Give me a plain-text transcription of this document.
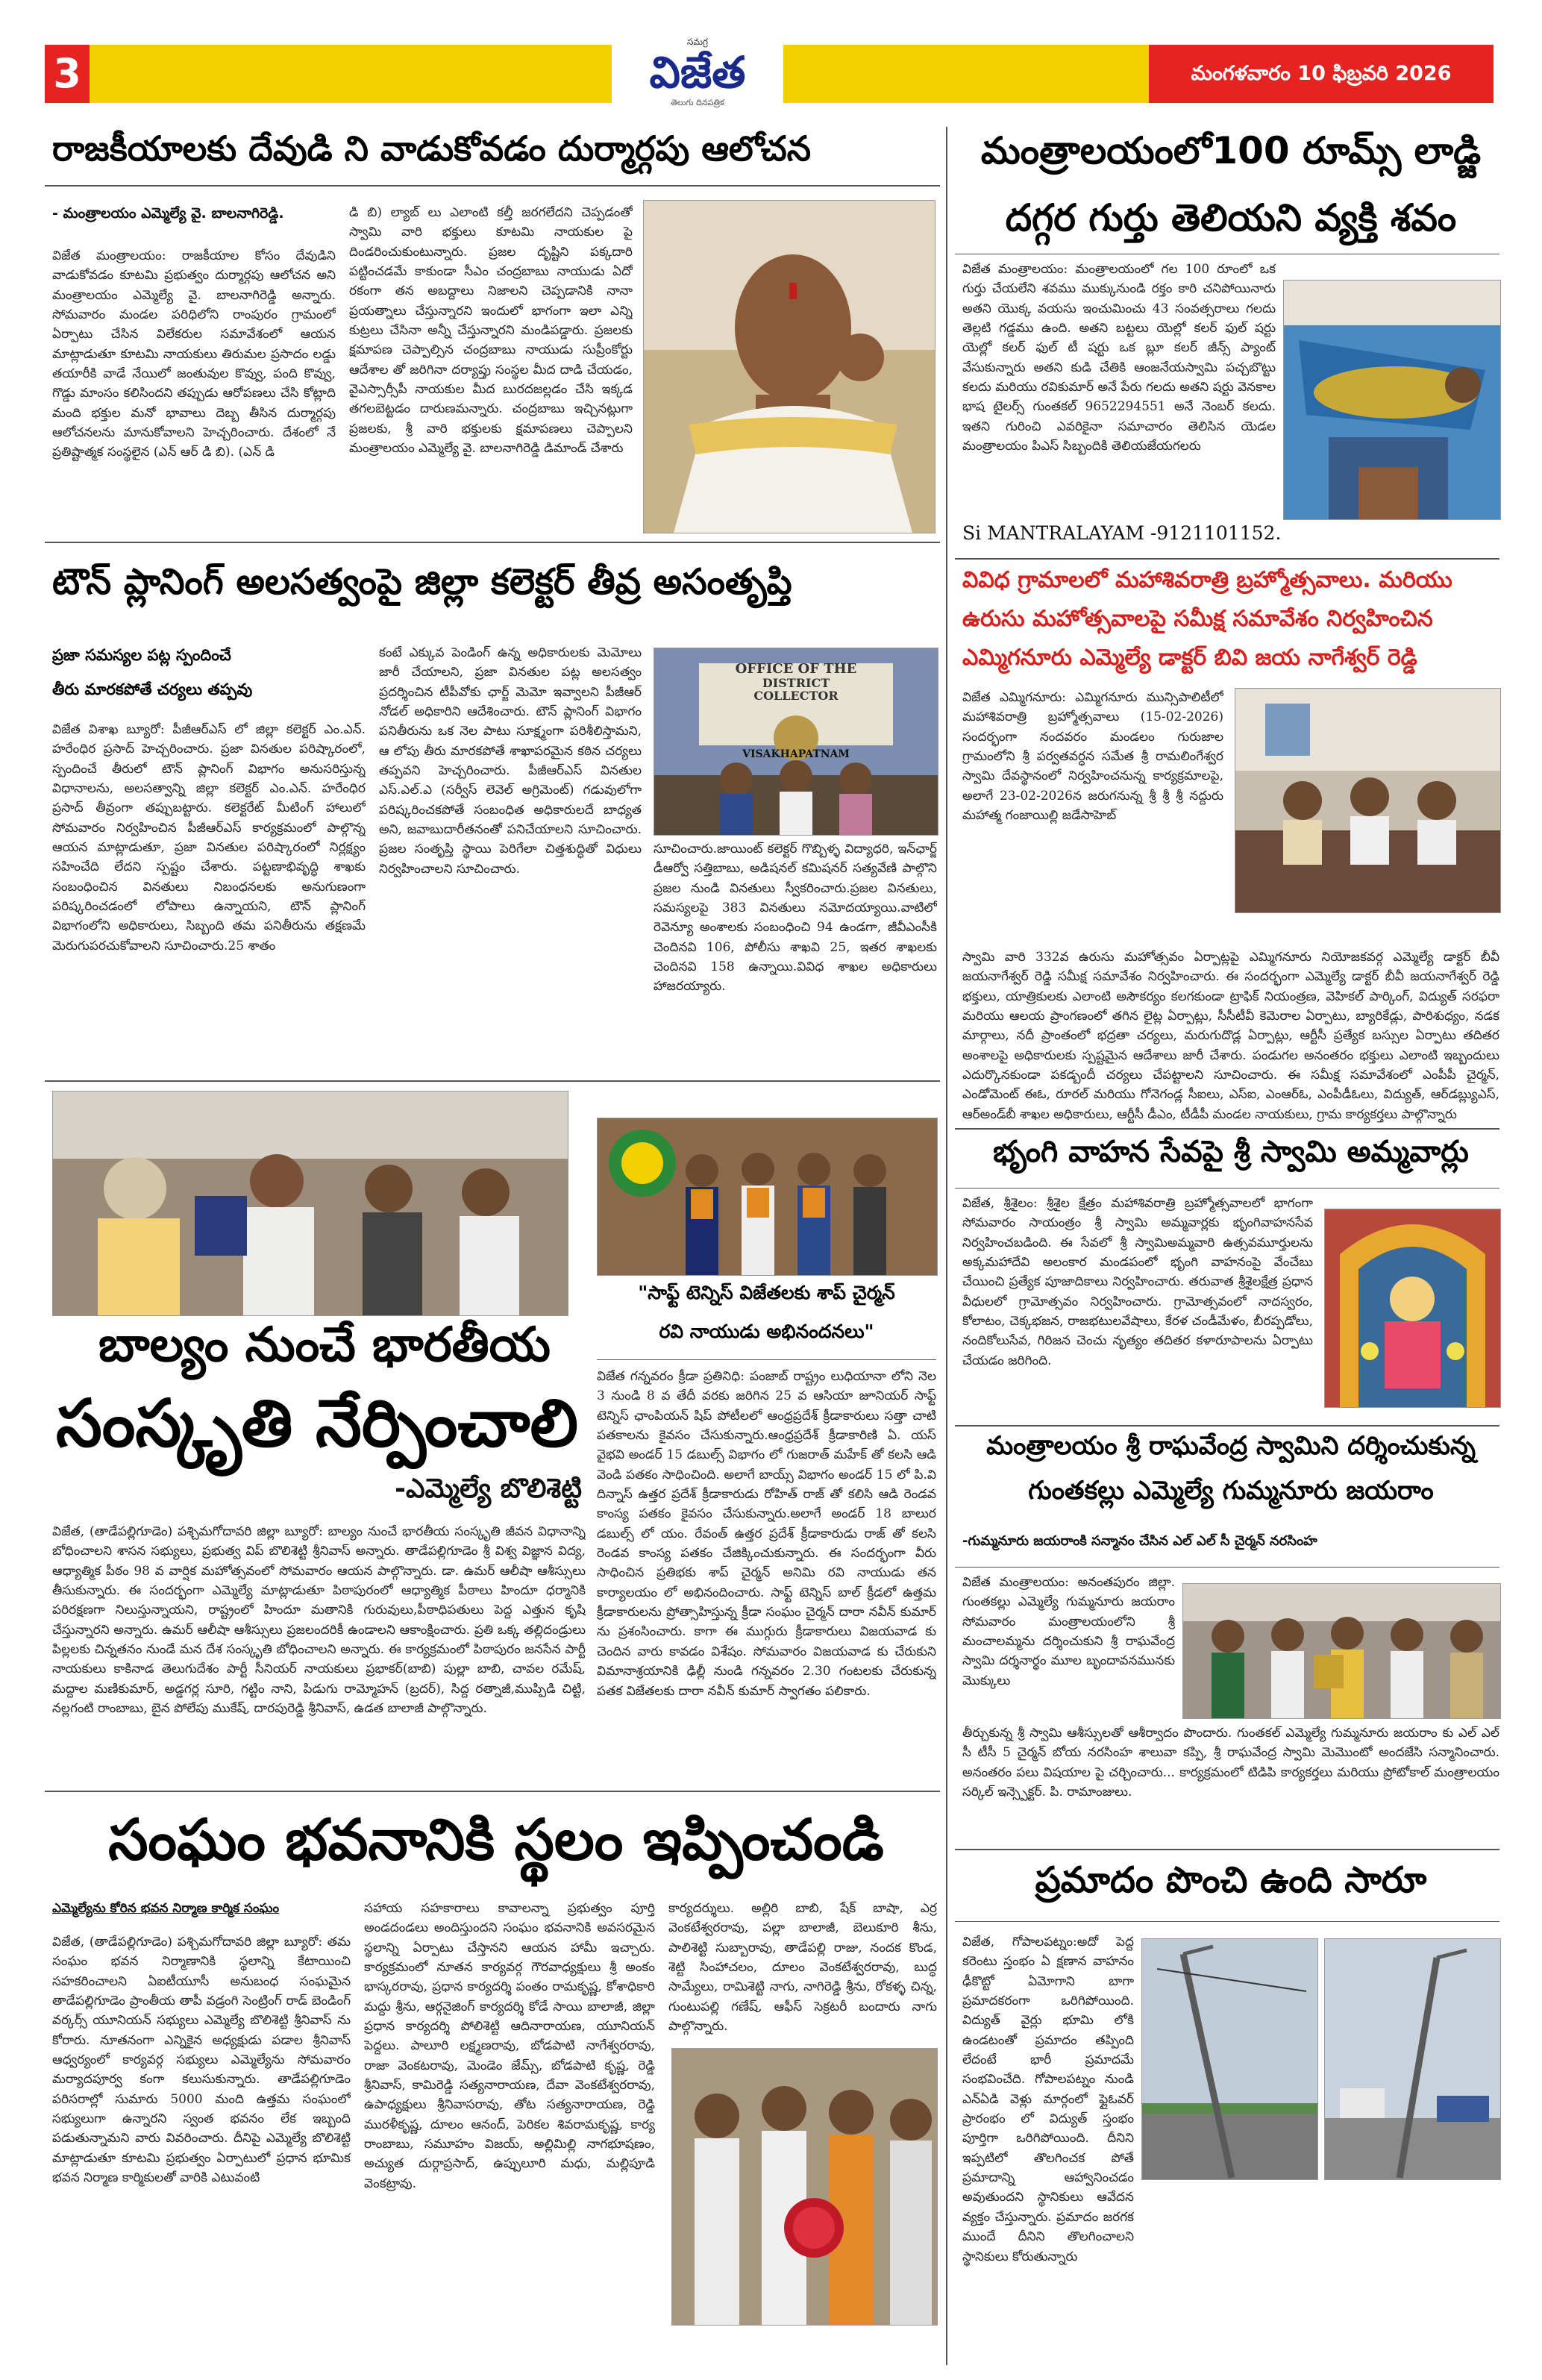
3
సమగ్ర
విజేత
తెలుగు దినపత్రిక
మంగళవారం 10 ఫిబ్రవరి 2026
రాజకీయాలకు దేవుడి ని వాడుకోవడం దుర్మార్గపు ఆలోచన
- మంత్రాలయం ఎమ్మెల్యే వై. బాలనాగిరెడ్డి.
విజేత మంత్రాలయం: రాజకీయాల కోసం దేవుడిని వాడుకోవడం కూటమి ప్రభుత్వం దుర్మార్గపు ఆలోచన అని మంత్రాలయం ఎమ్మెల్యే వై. బాలనాగిరెడ్డి అన్నారు. సోమవారం మండల పరిధిలోని రాంపురం గ్రామంలో ఏర్పాటు చేసిన విలేకరుల సమావేశంలో ఆయన మాట్లాడుతూ కూటమి నాయకులు తిరుమల ప్రసాదం లడ్డు తయారీకి వాడే నేయిలో జంతువుల కొవ్వు, పంది కొవ్వు, గొడ్డు మాంసం కలిసిందని తప్పుడు ఆరోపణలు చేసి కోట్లాది మంది భక్తుల మనో భావాలు దెబ్బ తీసిన దుర్మార్గపు ఆలోచనలను మానుకోవాలని హెచ్చరించారు. దేశంలో నే ప్రతిష్టాత్మక సంస్థలైన (ఎన్ ఆర్ డి బి). (ఎన్ డి
డి బి) ల్యాబ్ లు ఎలాంటి కల్తీ జరగలేదని చెప్పడంతో స్వామి వారి భక్తులు కూటమి నాయకుల పై దిండరించుకుంటున్నారు. ప్రజల దృష్టిని పక్కదారి పట్టించడమే కాకుండా సీఎం చంద్రబాబు నాయుడు ఏదో రకంగా తన అబద్దాలు నిజాలని చెప్పడానికి నానా ప్రయత్నాలు చేస్తున్నారని ఇందులో భాగంగా ఇలా ఎన్ని కుట్రలు చేసినా అన్నీ చేస్తున్నారని మండిపడ్డారు. ప్రజలకు క్షమాపణ చెప్పాల్సిన చంద్రబాబు నాయుడు సుప్రీంకోర్టు ఆదేశాల తో జరిగినా దర్యాప్తు సంస్థల మీద దాడి చేయడం, వైఎస్సార్సీపీ నాయకుల మీద బురదజల్లడం చేసి ఇక్కడ తగలబెట్టడం దారుణమన్నారు. చంద్రబాబు ఇచ్చినట్లుగా ప్రజలకు, శ్రీ వారి భక్తులకు క్షమాపణలు చెప్పాలని మంత్రాలయం ఎమ్మెల్యే వై. బాలనాగిరెడ్డి డిమాండ్ చేశారు
టౌన్ ప్లానింగ్ అలసత్వంపై జిల్లా కలెక్టర్ తీవ్ర అసంతృప్తి
ప్రజా సమస్యల పట్ల స్పందించే
తీరు మారకపోతే చర్యలు తప్పవు
విజేత విశాఖ బ్యూరో: పీజీఆర్ఎస్ లో జిల్లా కలెక్టర్ ఎం.ఎన్. హరేంధిర ప్రసాద్ హెచ్చరించారు. ప్రజా వినతుల పరిష్కారంలో, స్పందించే తీరులో టౌన్ ప్లానింగ్ విభాగం అనుసరిస్తున్న విధానాలను, అలసత్వాన్ని జిల్లా కలెక్టర్ ఎం.ఎన్. హరేంధిర ప్రసాద్ తీవ్రంగా తప్పుబట్టారు. కలెక్టరేట్ మీటింగ్ హాలులో సోమవారం నిర్వహించిన పీజీఆర్ఎస్ కార్యక్రమంలో పాల్గొన్న ఆయన మాట్లాడుతూ, ప్రజా వినతుల పరిష్కారంలో నిర్లక్ష్యం సహించేది లేదని స్పష్టం చేశారు. పట్టణాభివృద్ధి శాఖకు సంబంధించిన వినతులు నిబంధనలకు అనుగుణంగా పరిష్కరించడంలో లోపాలు ఉన్నాయని, టౌన్ ప్లానింగ్ విభాగంలోని అధికారులు, సిబ్బంది తమ పనితీరును తక్షణమే మెరుగుపరచుకోవాలని సూచించారు.25 శాతం
కంటే ఎక్కువ పెండింగ్ ఉన్న అధికారులకు మెమోలు జారీ చేయాలని, ప్రజా వినతుల పట్ల అలసత్వం ప్రదర్శించిన టీపీవోకు ఛార్జ్ మెమో ఇవ్వాలని పీజీఆర్ నోడల్ అధికారిని ఆదేశించారు. టౌన్ ప్లానింగ్ విభాగం పనితీరును ఒక నెల పాటు సూక్ష్మంగా పరిశీలిస్తామని, ఆ లోపు తీరు మారకపోతే శాఖాపరమైన కఠిన చర్యలు తప్పవని హెచ్చరించారు. పీజీఆర్ఎస్ వినతుల ఎస్.ఎల్.ఎ (సర్వీస్ లెవెల్ అగ్రిమెంట్) గడువులోగా పరిష్కరించకపోతే సంబంధిత అధికారులదే బాధ్యత అని, జవాబుదారీతనంతో పనిచేయాలని సూచించారు. ప్రజల సంతృప్తి స్థాయి పెరిగేలా చిత్తశుద్ధితో విధులు నిర్వహించాలని సూచించారు.
OFFICE OF THE
DISTRICT COLLECTOR
VISAKHAPATNAM
సూచించారు.జాయింట్ కలెక్టర్ గొబ్బిళ్ళ విద్యాధరి, ఇన్‌ఛార్జ్ డీఆర్వో సత్తిబాబు, అడిషనల్ కమిషనర్ సత్యవేణి పాల్గొని ప్రజల నుండి వినతులు స్వీకరించారు.ప్రజల వినతులు, సమస్యలపై 383 వినతులు నమోదయ్యాయి.వాటిలో రెవెన్యూ అంశాలకు సంబంధించి 94 ఉండగా, జీవీఎంసీకి చెందినవి 106, పోలీసు శాఖవి 25, ఇతర శాఖలకు చెందినవి 158 ఉన్నాయి.వివిధ శాఖల అధికారులు హాజరయ్యారు.
బాల్యం నుంచే భారతీయ
సంస్కృతి నేర్పించాలి
-ఎమ్మెల్యే బొలిశెట్టి
విజేత, (తాడేపల్లిగూడెం) పశ్చిమగోదావరి జిల్లా బ్యూరో: బాల్యం నుంచే భారతీయ సంస్కృతి జీవన విధానాన్ని బోధించాలని శాసన సభ్యులు, ప్రభుత్వ విప్ బొలిశెట్టి శ్రీనివాస్ అన్నారు. తాడేపల్లిగూడెం శ్రీ విశ్వ విజ్ఞాన విద్య, ఆధ్యాత్మిక పీఠం 98 వ వార్షిక మహోత్సవంలో సోమవారం ఆయన పాల్గొన్నారు. డా. ఉమర్ ఆలీషా ఆశీస్సులు తీసుకున్నారు. ఈ సందర్భంగా ఎమ్మెల్యే మాట్లాడుతూ పిఠాపురంలో ఆధ్యాత్మిక పీఠాలు హిందూ ధర్మానికి పరిరక్షణగా నిలుస్తున్నాయని, రాష్ట్రంలో హిందూ మతానికి గురువులు,పీఠాధిపతులు పెద్ద ఎత్తున కృషి చేస్తున్నారని అన్నారు. ఉమర్ ఆలీషా ఆశీస్సులు ప్రజలందరికీ ఉండాలని ఆకాంక్షించారు. ప్రతి ఒక్క తల్లిదండ్రులు పిల్లలకు చిన్నతనం నుండే మన దేశ సంస్కృతి బోధించాలని అన్నారు. ఈ కార్యక్రమంలో పిఠాపురం జనసేన పార్టీ నాయకులు కాకినాడ తెలుగుదేశం పార్టీ సీనియర్ నాయకులు ప్రభాకర్(బాబి) పుల్లా బాబి, చావల రమేష్, మద్దాల మణికుమార్, అడ్డగర్ల సూరి, గట్టిం నాని, పిడుగు రామ్మోహన్ (బ్రదర్), సిద్ద రత్నాజీ,ముప్పిడి చిట్టి, నల్లగంటి రాంబాబు, బైన పోలేపు ముకేష్, దారపురెడ్డి శ్రీనివాస్, ఉడత బాలాజీ పాల్గొన్నారు.
"సాఫ్ట్ టెన్నిస్ విజేతలకు శాప్ చైర్మన్
రవి నాయుడు అభినందనలు"
విజేత గన్నవరం క్రీడా ప్రతినిధి: పంజాబ్ రాష్ట్రం లుధియానా లోని నెల 3 నుండి 8 వ తేదీ వరకు జరిగిన 25 వ ఆసియా జూనియర్ సాఫ్ట్ టెన్నిస్ ఛాంపియన్ షిప్ పోటీలలో ఆంధ్రప్రదేశ్ క్రీడాకారులు సత్తా చాటి పతకాలను కైవసం చేసుకున్నారు.ఆంధ్రప్రదేశ్ క్రీడాకారిణి ఏ. యస్ వైభవి అండర్ 15 డబుల్స్ విభాగం లో గుజరాత్ మహేక్ తో కలసి ఆడి వెండి పతకం సాధించింది. అలాగే బాయ్స్ విభాగం అండర్ 15 లో పి.వి దిన్నాస్ ఉత్తర ప్రదేశ్ క్రీడాకారుడు రోహిత్ రాజ్ తో కలిసి ఆడి రెండవ కాంస్య పతకం కైవసం చేసుకున్నారు.అలాగే అండర్ 18 బాలుర డబుల్స్ లో యం. రేవంత్ ఉత్తర ప్రదేశ్ క్రీడాకారుడు రాజ్ తో కలసి రెండవ కాంస్య పతకం చేజిక్కించుకున్నారు. ఈ సందర్భంగా వీరు సాధించిన ప్రతిభకు శాప్ చైర్మన్ అనిమి రవి నాయుడు తన కార్యాలయం లో అభినందించారు. సాఫ్ట్ టెన్నిస్ బాల్ క్రీడలో ఉత్తమ క్రీడాకారులను ప్రోత్సాహిస్తున్న క్రీడా సంఘం చైర్మన్ దారా నవీన్ కుమార్ ను ప్రశంసించారు. కాగా ఈ ముగ్గురు క్రీడాకారులు విజయవాడ కు చెందిన వారు కావడం విశేషం. సోమవారం విజయవాడ కు చేరుకుని విమానాశ్రయానికి ఢిల్లీ నుండి గన్నవరం 2.30 గంటలకు చేరుకున్న పతక విజేతలకు దారా నవీన్ కుమార్ స్వాగతం పలికారు.
సంఘం భవనానికి స్థలం ఇప్పించండి
ఎమ్మెల్యేను కోరిన భవన నిర్మాణ కార్మిక సంఘం
విజేత, (తాడేపల్లిగూడెం) పశ్చిమగోదావరి జిల్లా బ్యూరో: తమ సంఘం భవన నిర్మాణానికి స్థలాన్ని కేటాయించి సహకరించాలని ఏఐటీయూసీ అనుబంధ సంఘమైన తాడేపల్లిగూడెం ప్రాంతీయ తాపీ వడ్రంగి సెంట్రింగ్ రాడ్ బెండింగ్ వర్కర్స్ యూనియన్ సభ్యులు ఎమ్మెల్యే బొలిశెట్టి శ్రీనివాస్ ను కోరారు. నూతనంగా ఎన్నికైన అధ్యక్షుడు పడాల శ్రీనివాస్ ఆధ్వర్యంలో కార్యవర్గ సభ్యులు ఎమ్మెల్యేను సోమవారం మర్యాదపూర్వ కంగా కలుసుకున్నారు. తాడేపల్లిగూడెం పరిసరాల్లో సుమారు 5000 మంది ఉత్తమ సంఘంలో సభ్యులుగా ఉన్నారని స్వంత భవనం లేక ఇబ్బంది పడుతున్నామని వారు వివరించారు. దీనిపై ఎమ్మెల్యే బొలిశెట్టి మాట్లాడుతూ కూటమి ప్రభుత్వం ఏర్పాటులో ప్రధాన భూమిక భవన నిర్మాణ కార్మికులతో వారికి ఎటువంటి
సహాయ సహకారాలు కావాలన్నా ప్రభుత్వం పూర్తి అండదండలు అందిస్తుందని సంఘం భవనానికి అవసరమైన స్థలాన్ని ఏర్పాటు చేస్తానని ఆయన హామీ ఇచ్చారు. కార్యక్రమంలో నూతన కార్యవర్గ గౌరవాధ్యక్షులు శ్రీ అంకం భాస్కరరావు, ప్రధాన కార్యదర్శి పంతం రామకృష్ణ, కోశాధికారి మద్దు శ్రీను, ఆర్గనైజింగ్ కార్యదర్శి కోడే సాయి బాలాజీ, జిల్లా ప్రధాన కార్యదర్శి పోలిశెట్టి ఆదినారాయణ, యూనియన్ పెద్దలు. పాలూరి లక్ష్మణరావు, బోడపాటి నాగేశ్వరరావు, రాజా వెంకటరావు, మెండెం జేమ్స్, బోడపాటి కృష్ణ, రెడ్డి శ్రీనివాస్, కామిరెడ్డి సత్యనారాయణ, దేవా వెంకటేశ్వరరావు, ఉపాధ్యక్షులు శ్రీనివాసరావు, తోట సత్యనారాయణ, రెడ్డి మురళీకృష్ణ, దూలం ఆనంద్, పెరికల శివరామకృష్ణ, కార్య రాంబాబు, సమూహం విజయ్, అల్లిమిల్లి నాగభూషణం, అచ్యుత దుర్గాప్రసాద్, ఉప్పులూరి మధు, మల్లిపూడి వెంకట్రావు.
కార్యదర్శులు. అల్లిరి బాబి, షేక్ బాషా, ఎర్ర వెంకటేశ్వరరావు, పల్లా బాలాజీ, బెలుకూరి శీను, పాలిశెట్టి సుబ్బారావు, తాడేపల్లి రాజు, నందక కొండ, శెట్టి సింహాచలం, దూలం వెంకటేశ్వరరావు, బుద్ధ సామ్యేలు, రామిశెట్టి నాగు, నాగిరెడ్డి శ్రీను, రోకళ్ళ చిన్న, గుంటుపల్లి గణేష్, ఆఫీస్ సెక్రటరీ బందారు నాగు పాల్గొన్నారు.
మంత్రాలయంలో100 రూమ్స్ లాడ్జి
దగ్గర గుర్తు తెలియని వ్యక్తి శవం
విజేత మంత్రాలయం: మంత్రాలయంలో గల 100 రూంలో ఒక గుర్తు చేయలేని శవము ముక్కునుండి రక్తం కారి చనిపోయినారు అతని యొక్క వయసు ఇంచుమించు 43 సంవత్సరాలు గలదు తెల్లటి గడ్డము ఉంది. అతని బట్టలు యెల్లో కలర్ ఫుల్ షర్టు యెల్లో కలర్ ఫుల్ టీ షర్టు ఒక బ్లూ కలర్ జీన్స్ ప్యాంట్ వేసుకున్నారు అతని కుడి చేతికి ఆంజనేయస్వామి పచ్చబొట్టు కలదు మరియు రవికుమార్ అనే పేరు గలదు అతని షర్టు వెనకాల భాష టైలర్స్ గుంతకల్ 9652294551 అనే నెంబర్ కలదు. ఇతని గురించి ఎవరికైనా సమాచారం తెలిసిన యెడల మంత్రాలయం పిఎస్ సిబ్బందికి తెలియజేయగలరు
Si MANTRALAYAM -9121101152.
వివిధ గ్రామాలలో మహాశివరాత్రి బ్రహ్మోత్సవాలు. మరియు
ఉరుసు మహోత్సవాలపై సమీక్ష సమావేశం నిర్వహించిన
ఎమ్మిగనూరు ఎమ్మెల్యే డాక్టర్ బివి జయ నాగేశ్వర్ రెడ్డి
విజేత ఎమ్మిగనూరు: ఎమ్మిగనూరు మున్సిపాలిటీలో మహాశివరాత్రి బ్రహ్మోత్సవాలు (15-02-2026) సందర్భంగా నందవరం మండలం గురుజాల గ్రామంలోని శ్రీ పర్వతవర్ధన సమేత శ్రీ రామలింగేశ్వర స్వామి దేవస్థానంలో నిర్వహించనున్న కార్యక్రమాలపై, అలాగే 23-02-2026న జరుగనున్న శ్రీ శ్రీ శ్రీ నద్దురు మహాత్మ గంజాయిల్లి జడేసాహెబ్
స్వామి వారి 332వ ఉరుసు మహోత్సవం ఏర్పాట్లపై ఎమ్మిగనూరు నియోజకవర్గ ఎమ్మెల్యే డాక్టర్ బీవీ జయనాగేశ్వర్ రెడ్డి సమీక్ష సమావేశం నిర్వహించారు. ఈ సందర్భంగా ఎమ్మెల్యే డాక్టర్ బీవీ జయనాగేశ్వర్ రెడ్డి భక్తులు, యాత్రికులకు ఎలాంటి అసౌకర్యం కలగకుండా ట్రాఫిక్ నియంత్రణ, వెహికల్ పార్కింగ్, విద్యుత్ సరఫరా మరియు ఆలయ ప్రాంగణంలో తగిన లైట్ల ఏర్పాట్లు, సీసీటీవీ కెమెరాల ఏర్పాటు, బ్యారికేడ్లు, పారిశుధ్యం, నడక మార్గాలు, నదీ ప్రాంతంలో భద్రతా చర్యలు, మరుగుదొడ్ల ఏర్పాట్లు, ఆర్టీసీ ప్రత్యేక బస్సుల ఏర్పాటు తదితర అంశాలపై అధికారులకు స్పష్టమైన ఆదేశాలు జారీ చేశారు. పండుగల అనంతరం భక్తులు ఎలాంటి ఇబ్బందులు ఎదుర్కొనకుండా పకడ్బందీ చర్యలు చేపట్టాలని సూచించారు. ఈ సమీక్ష సమావేశంలో ఎంపీపీ చైర్మన్, ఎండోమెంట్ ఈఓ, రూరల్ మరియు గోనెగండ్ల సీఐలు, ఎస్ఐ, ఎంఆర్ఓ, ఎంపీడీఓలు, విద్యుత్, ఆర్‌డబ్ల్యుఎస్, ఆర్‌అండ్‌బీ శాఖల అధికారులు, ఆర్టీసీ డీఎం, టీడీపీ మండల నాయకులు, గ్రామ కార్యకర్తలు పాల్గొన్నారు
భృంగి వాహన సేవపై శ్రీ స్వామి అమ్మవార్లు
విజేత, శ్రీశైలం: శ్రీశైల క్షేత్రం మహాశివరాత్రి బ్రహ్మోత్సవాలలో భాగంగా సోమవారం సాయంత్రం శ్రీ స్వామి అమ్మవార్లకు భృంగివాహనసేవ నిర్వహించబడింది. ఈ సేవలో శ్రీ స్వామిఅమ్మవారి ఉత్సవమూర్తులను అక్కమహాదేవి అలంకార మండపంలో భృంగి వాహనంపై వేంచేబు చేయించి ప్రత్యేక పూజాదికాలు నిర్వహించారు. తరువాత శ్రీశైలక్షేత్ర ప్రధాన వీధులలో గ్రామోత్సవం నిర్వహించారు. గ్రామోత్సవంలో నాదస్వరం, కోలాటం, చెక్కభజన, రాజభటులవేషాలు, కేరళ చండీమేళం, బీరప్పడోలు, నందికోలుసేవ, గిరిజన చెంచు నృత్యం తదితర కళారూపాలను ఏర్పాటు చేయడం జరిగింది.
మంత్రాలయం శ్రీ రాఘవేంద్ర స్వామిని దర్శించుకున్న
గుంతకల్లు ఎమ్మెల్యే గుమ్మనూరు జయరాం
-గుమ్మనూరు జయరాంకి సన్మానం చేసిన ఎల్ ఎల్ సీ చైర్మన్ నరసింహ
విజేత మంత్రాలయం: అనంతపురం జిల్లా. గుంతకల్లు ఎమ్మెల్యే గుమ్మనూరు జయరాం సోమవారం మంత్రాలయంలోని శ్రీ మంచాలమ్మను దర్శించుకుని శ్రీ రాఘవేంద్ర స్వామి దర్శనార్థం మూల బృందావనమునకు మొక్కులు
తీర్చుకున్న శ్రీ స్వామి ఆశీస్సులతో ఆశీర్వాదం పొందారు. గుంతకల్ ఎమ్మెల్యే గుమ్మనూరు జయరాం కు ఎల్ ఎల్ సీ టీసీ 5 చైర్మన్ బోయ నరసింహ శాలువా కప్పి, శ్రీ రాఘవేంద్ర స్వామి మెమొంటో అందజేసి సన్మానించారు. అనంతరం పలు విషయాల పై చర్చించారు... కార్యక్రమంలో టిడిపి కార్యకర్తలు మరియు ప్రోటోకాల్ మంత్రాలయం సర్కిల్ ఇన్స్పెక్టర్. పి. రామాంజులు.
ప్రమాదం పొంచి ఉంది సారూ
విజేత, గోపాలపట్నం:అదో పెద్ద కరెంటు స్తంభం ఏ క్షణాన వాహనం ఢీకొట్టో ఏమోగాని బాగా ప్రమాదకరంగా ఒరిగిపోయింది. విద్యుత్ వైర్లు భూమి లోకి ఉండటంతో ప్రమాదం తప్పింది లేదంటే భారీ ప్రమాదమే సంభవించేది. గోపాలపట్నం నుండి ఎన్ఏడి వెళ్లు మార్గంలో ఫ్లైఓవర్ ప్రారంభం లో విద్యుత్ స్తంభం పూర్తిగా ఒరిగిపోయింది. దీనిని ఇప్పటిలో తొలగించక పోతే ప్రమాదాన్ని ఆహ్వానించడం అవుతుందని స్థానికులు ఆవేదన వ్యక్తం చేస్తున్నారు. ప్రమాదం జరగక ముందే దీనిని తొలగించాలని స్థానికులు కోరుతున్నారు
